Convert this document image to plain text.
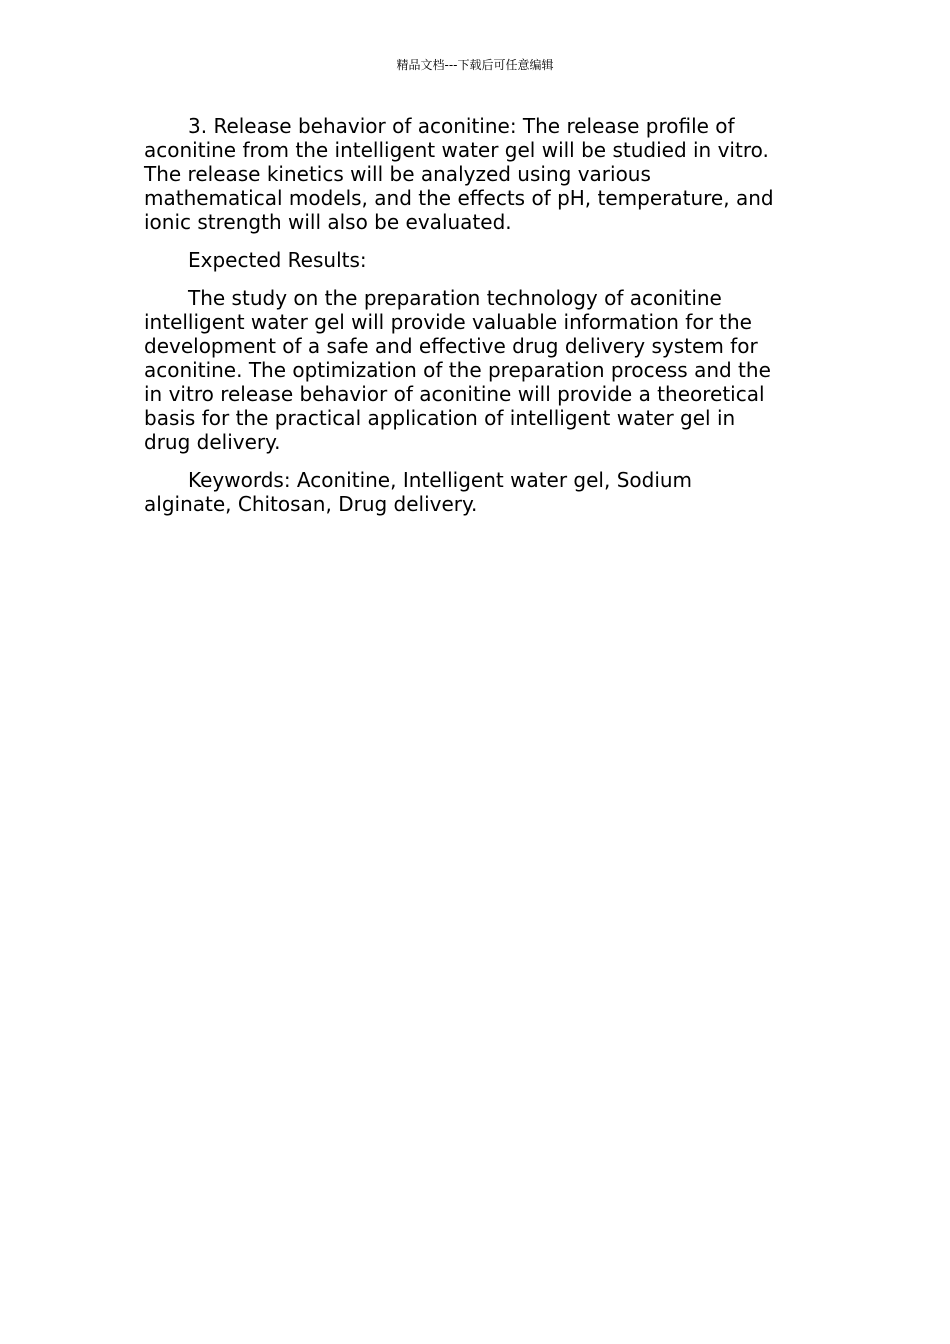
精品文档---下载后可任意编辑

3. Release behavior of aconitine: The release profile of
aconitine from the intelligent water gel will be studied in vitro.
The release kinetics will be analyzed using various
mathematical models, and the effects of pH, temperature, and
ionic strength will also be evaluated.

Expected Results:

The study on the preparation technology of aconitine
intelligent water gel will provide valuable information for the
development of a safe and effective drug delivery system for
aconitine. The optimization of the preparation process and the
in vitro release behavior of aconitine will provide a theoretical
basis for the practical application of intelligent water gel in
drug delivery.

Keywords: Aconitine, Intelligent water gel, Sodium
alginate, Chitosan, Drug delivery.
